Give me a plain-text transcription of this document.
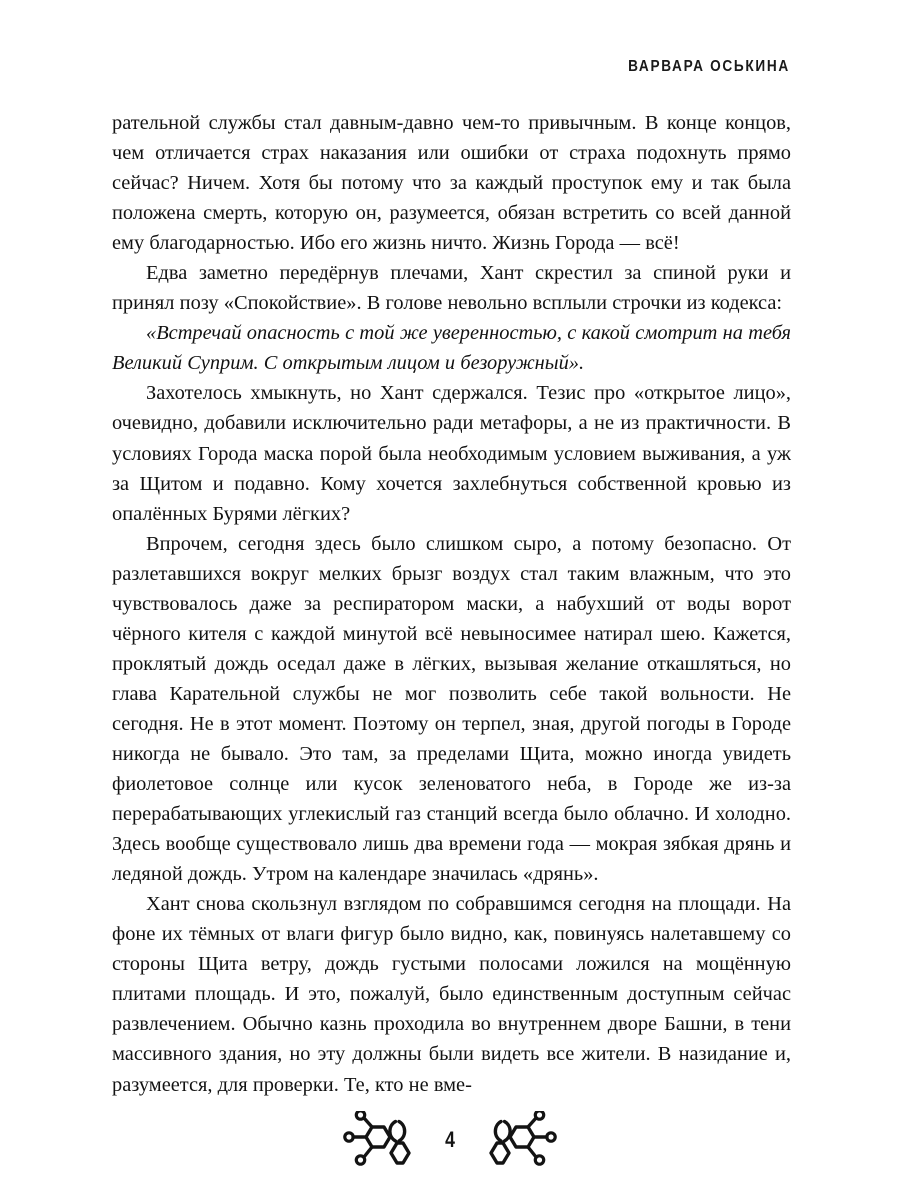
ВАРВАРА ОСЬКИНА

рательной службы стал давным-давно чем-то привычным. В конце концов, чем отличается страх наказания или ошибки от страха подохнуть прямо сейчас? Ничем. Хотя бы потому что за каждый проступок ему и так была положена смерть, которую он, разумеется, обязан встретить со всей данной ему благодарностью. Ибо его жизнь ничто. Жизнь Города — всё!

Едва заметно передёрнув плечами, Хант скрестил за спиной руки и принял позу «Спокойствие». В голове невольно всплыли строчки из кодекса:

«Встречай опасность с той же уверенностью, с какой смотрит на тебя Великий Суприм. С открытым лицом и безоружный».

Захотелось хмыкнуть, но Хант сдержался. Тезис про «открытое лицо», очевидно, добавили исключительно ради метафоры, а не из практичности. В условиях Города маска порой была необходимым условием выживания, а уж за Щитом и подавно. Кому хочется захлебнуться собственной кровью из опалённых Бурями лёгких?

Впрочем, сегодня здесь было слишком сыро, а потому безопасно. От разлетавшихся вокруг мелких брызг воздух стал таким влажным, что это чувствовалось даже за респиратором маски, а набухший от воды ворот чёрного кителя с каждой минутой всё невыносимее натирал шею. Кажется, проклятый дождь оседал даже в лёгких, вызывая желание откашляться, но глава Карательной службы не мог позволить себе такой вольности. Не сегодня. Не в этот момент. Поэтому он терпел, зная, другой погоды в Городе никогда не бывало. Это там, за пределами Щита, можно иногда увидеть фиолетовое солнце или кусок зеленоватого неба, в Городе же из-за перерабатывающих углекислый газ станций всегда было облачно. И холодно. Здесь вообще существовало лишь два времени года — мокрая зябкая дрянь и ледяной дождь. Утром на календаре значилась «дрянь».

Хант снова скользнул взглядом по собравшимся сегодня на площади. На фоне их тёмных от влаги фигур было видно, как, повинуясь налетавшему со стороны Щита ветру, дождь густыми полосами ложился на мощённую плитами площадь. И это, пожалуй, было единственным доступным сейчас развлечением. Обычно казнь проходила во внутреннем дворе Башни, в тени массивного здания, но эту должны были видеть все жители. В назидание и, разумеется, для проверки. Те, кто не вме-

4
